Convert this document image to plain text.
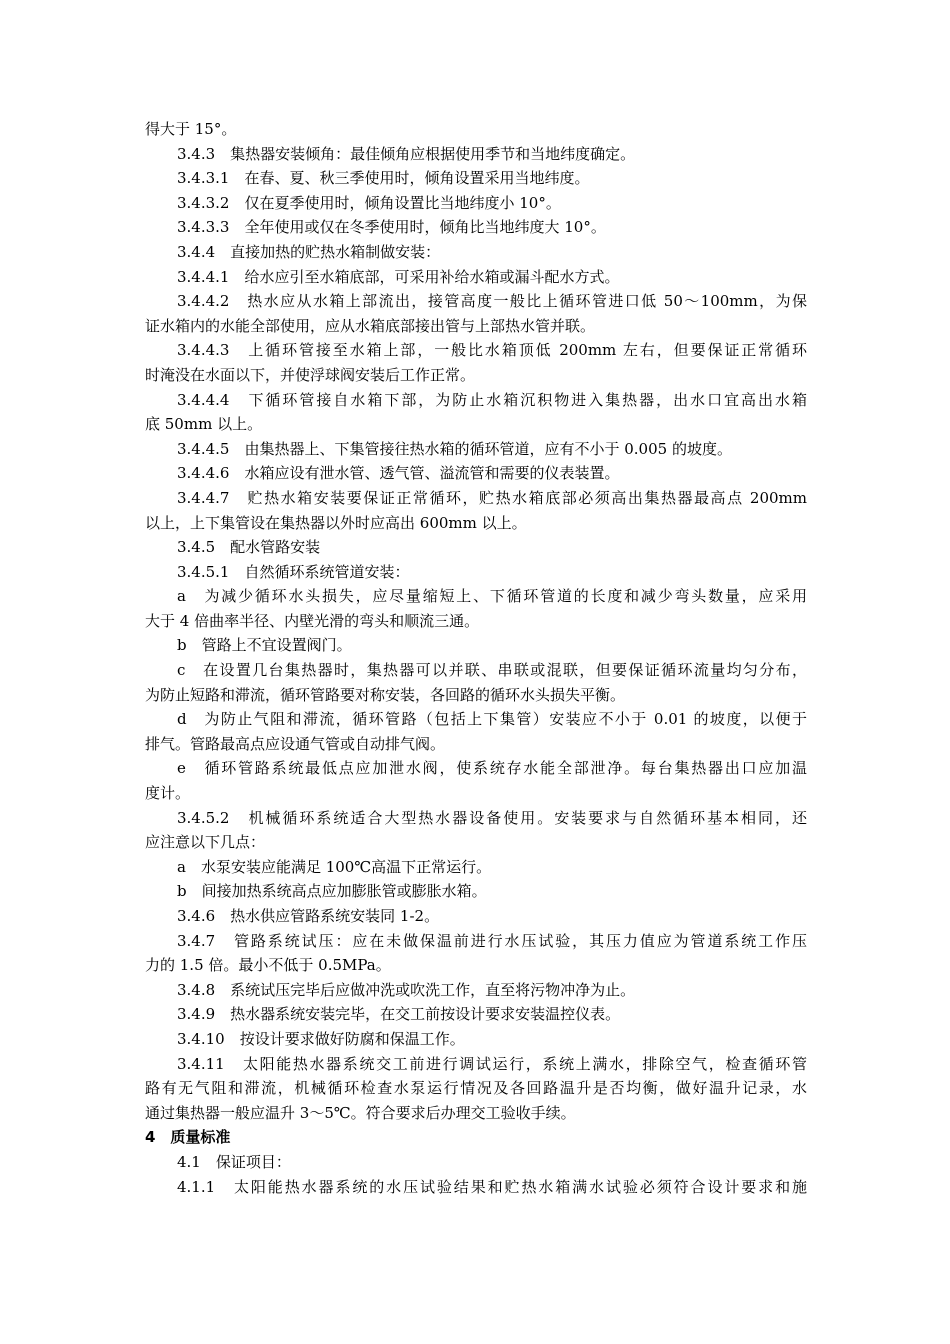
得大于 15°。
3.4.3　集热器安装倾角：最佳倾角应根据使用季节和当地纬度确定。
3.4.3.1　在春、夏、秋三季使用时，倾角设置采用当地纬度。
3.4.3.2　仅在夏季使用时，倾角设置比当地纬度小 10°。
3.4.3.3　全年使用或仅在冬季使用时，倾角比当地纬度大 10°。
3.4.4　直接加热的贮热水箱制做安装：
3.4.4.1　给水应引至水箱底部，可采用补给水箱或漏斗配水方式。
3.4.4.2　热水应从水箱上部流出，接管高度一般比上循环管进口低 50～100mm，为保
证水箱内的水能全部使用，应从水箱底部接出管与上部热水管并联。
3.4.4.3　上循环管接至水箱上部，一般比水箱顶低 200mm 左右，但要保证正常循环
时淹没在水面以下，并使浮球阀安装后工作正常。
3.4.4.4　下循环管接自水箱下部，为防止水箱沉积物进入集热器，出水口宜高出水箱
底 50mm 以上。
3.4.4.5　由集热器上、下集管接往热水箱的循环管道，应有不小于 0.005 的坡度。
3.4.4.6　水箱应设有泄水管、透气管、溢流管和需要的仪表装置。
3.4.4.7　贮热水箱安装要保证正常循环，贮热水箱底部必须高出集热器最高点 200mm
以上，上下集管设在集热器以外时应高出 600mm 以上。
3.4.5　配水管路安装
3.4.5.1　自然循环系统管道安装：
a　为减少循环水头损失，应尽量缩短上、下循环管道的长度和减少弯头数量，应采用
大于 4 倍曲率半径、内壁光滑的弯头和顺流三通。
b　管路上不宜设置阀门。
c　在设置几台集热器时，集热器可以并联、串联或混联，但要保证循环流量均匀分布，
为防止短路和滞流，循环管路要对称安装，各回路的循环水头损失平衡。
d　为防止气阻和滞流，循环管路（包括上下集管）安装应不小于 0.01 的坡度，以便于
排气。管路最高点应设通气管或自动排气阀。
e　循环管路系统最低点应加泄水阀，使系统存水能全部泄净。每台集热器出口应加温
度计。
3.4.5.2　机械循环系统适合大型热水器设备使用。安装要求与自然循环基本相同，还
应注意以下几点：
a　水泵安装应能满足 100℃高温下正常运行。
b　间接加热系统高点应加膨胀管或膨胀水箱。
3.4.6　热水供应管路系统安装同 1-2。
3.4.7　管路系统试压：应在未做保温前进行水压试验，其压力值应为管道系统工作压
力的 1.5 倍。最小不低于 0.5MPa。
3.4.8　系统试压完毕后应做冲洗或吹洗工作，直至将污物冲净为止。
3.4.9　热水器系统安装完毕，在交工前按设计要求安装温控仪表。
3.4.10　按设计要求做好防腐和保温工作。
3.4.11　太阳能热水器系统交工前进行调试运行，系统上满水，排除空气，检查循环管
路有无气阻和滞流，机械循环检查水泵运行情况及各回路温升是否均衡，做好温升记录，水
通过集热器一般应温升 3～5℃。符合要求后办理交工验收手续。
4　质量标准
4.1　保证项目：
4.1.1　太阳能热水器系统的水压试验结果和贮热水箱满水试验必须符合设计要求和施
